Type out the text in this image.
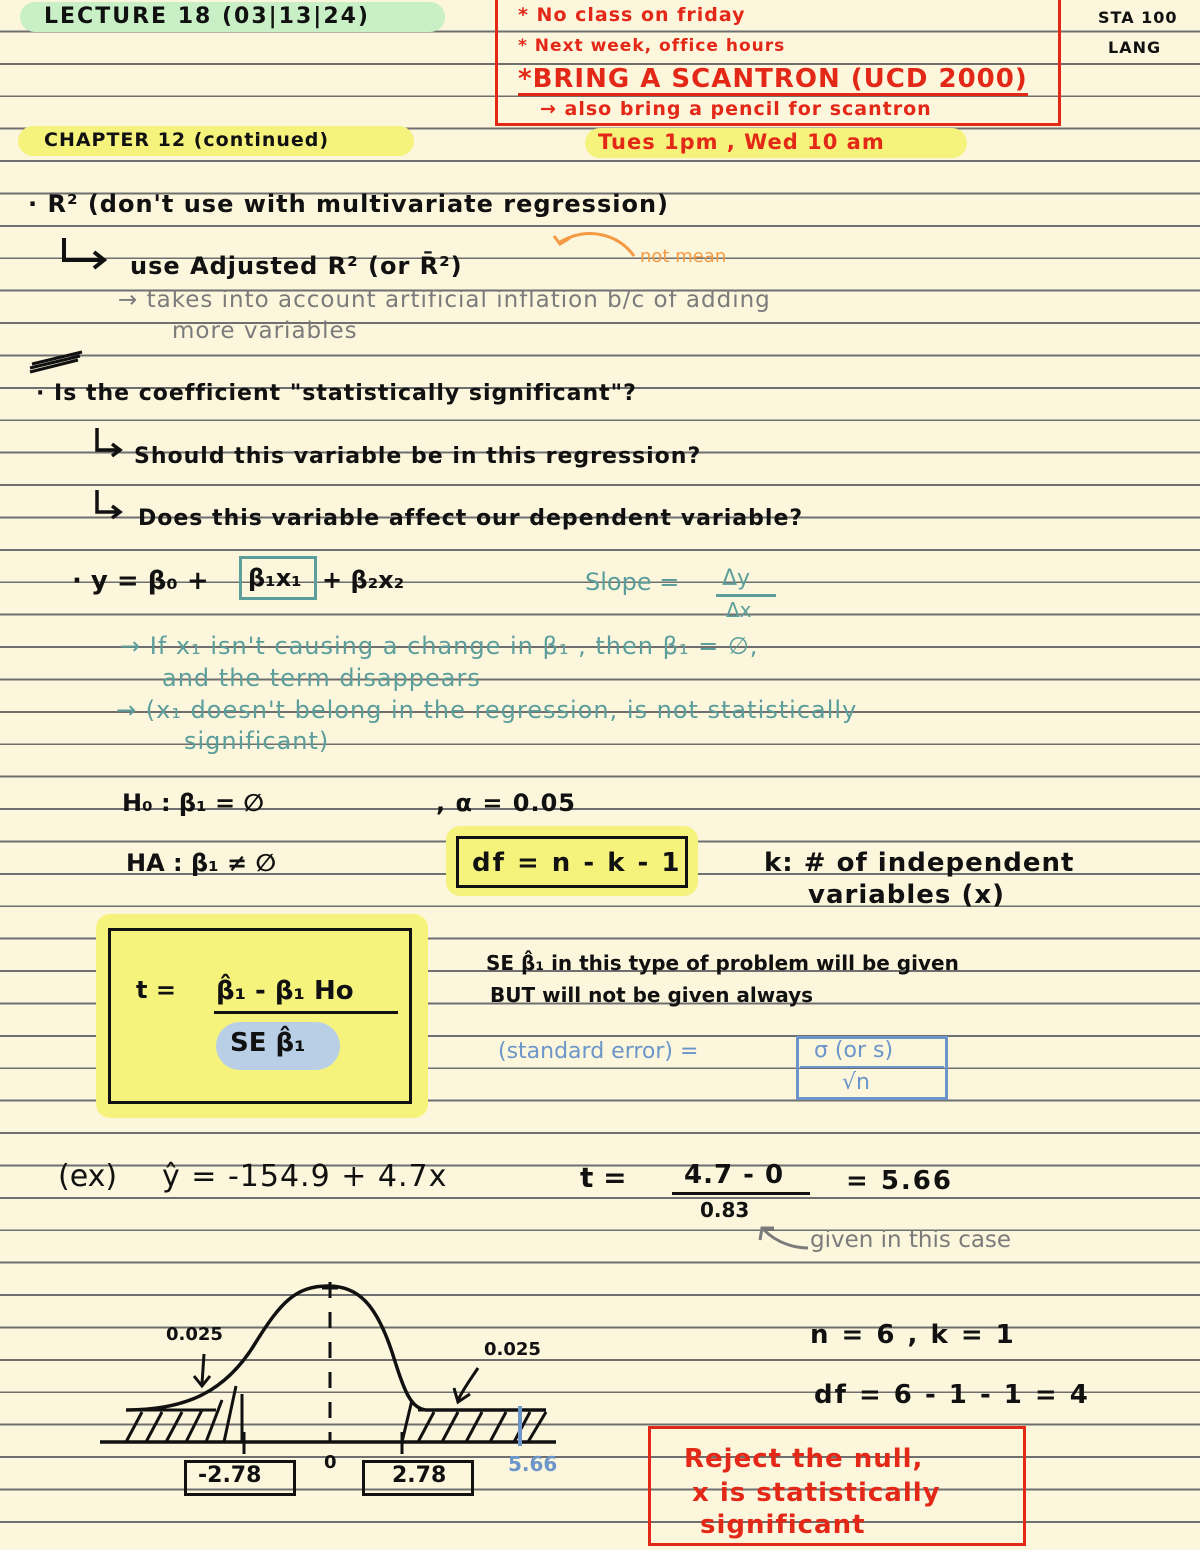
LECTURE 18 (03|13|24)	STA 100
LANG
* No class on friday
* Next week, office hours
*BRING A SCANTRON (UCD 2000)
→ also bring a pencil for scantron
CHAPTER 12 (continued)	Tues 1pm , Wed 10 am
· R² (don't use with multivariate regression)
use Adjusted R² (or R̄²)	not mean
→ takes into account artificial inflation b/c of adding
more variables
· Is the coefficient "statistically significant"?
Should this variable be in this regression?
Does this variable affect our dependent variable?
· y = β₀ + β₁x₁ + β₂x₂	Slope = Δy
Δx
→ If x₁ isn't causing a change in β₁ , then β₁ = ∅,
and the term disappears
→ (x₁ doesn't belong in the regression, is not statistically
significant)
H₀ : β₁ = ∅	, α = 0.05
HA : β₁ ≠ ∅	df = n - k - 1	k: # of independent
variables (x)
t = β̂₁ - β₁ Ho
SE β̂₁
SE β̂₁ in this type of problem will be given
BUT will not be given always
(standard error) =	σ (or s)
√n
(ex) ŷ = -154.9 + 4.7x	t = 4.7 - 0
0.83
= 5.66
given in this case
0.025
0.025
0
-2.78	2.78	5.66
n = 6 , k = 1
df = 6 - 1 - 1 = 4
Reject the null,
x is statistically
significant
